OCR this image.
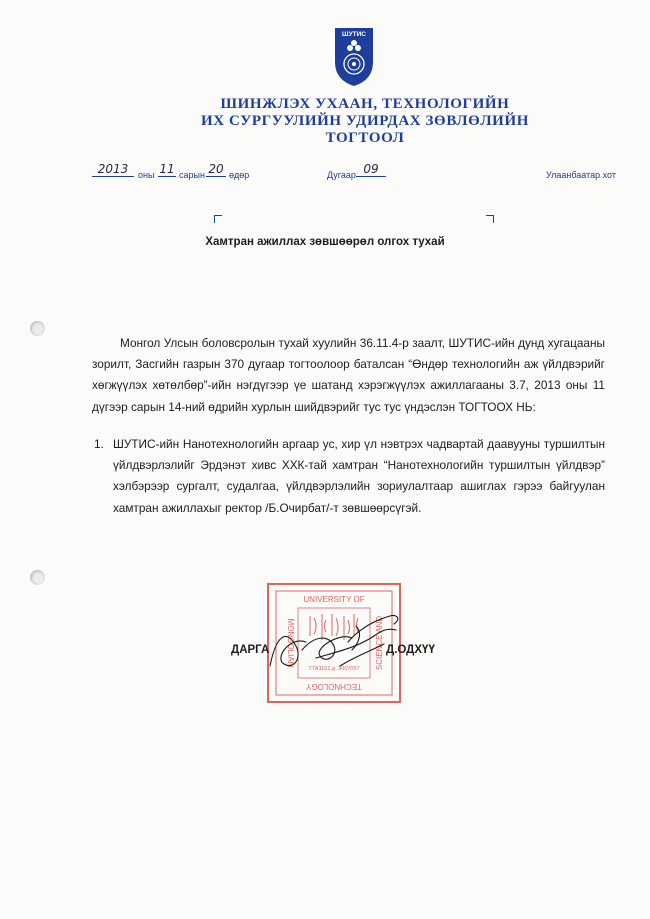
ШУТИС
ШИНЖЛЭХ УХААН, ТЕХНОЛОГИЙН
ИХ СУРГУУЛИЙН УДИРДАХ ЗӨВЛӨЛИЙН
ТОГТООЛ
2013	оны 11 сарын 20 өдөр	Дугаар 09	Улаанбаатар хот
Хамтран ажиллах зөвшөөрөл олгох тухай
Монгол Улсын боловсролын тухай хуулийн 36.11.4-р заалт, ШУТИС-ийн дунд хугацааны зорилт, Засгийн газрын 370 дугаар тогтоолоор баталсан “Өндөр технологийн аж үйлдвэрийг хөгжүүлэх хөтөлбөр”-ийн нэгдүгээр үе шатанд хэрэгжүүлэх ажиллагааны 3.7, 2013 оны 11 дүгээр сарын 14-ний өдрийн хурлын шийдвэрийг тус тус үндэслэн ТОГТООХ НЬ:
1. ШУТИС-ийн Нанотехнологийн аргаар ус, хир үл нэвтрэх чадвартай даавууны туршилтын үйлдвэрлэлийг Эрдэнэт хивс ХХК-тай хамтран “Нанотехнологийн туршилтын үйлдвэр” хэлбэрээр сургалт, судалгаа, үйлдвэрлэлийн зориулалтаар ашиглах гэрээ байгуулан хамтран ажиллахыг ректор /Б.Очирбат/-т зөвшөөрсүгэй.
UNIVERSITY OF
TECHNOLOGY
MONGOLIAN	SCIENCE AND
ТТА1161 д. 9007057
ДАРГА	Д.ОДХҮҮ
